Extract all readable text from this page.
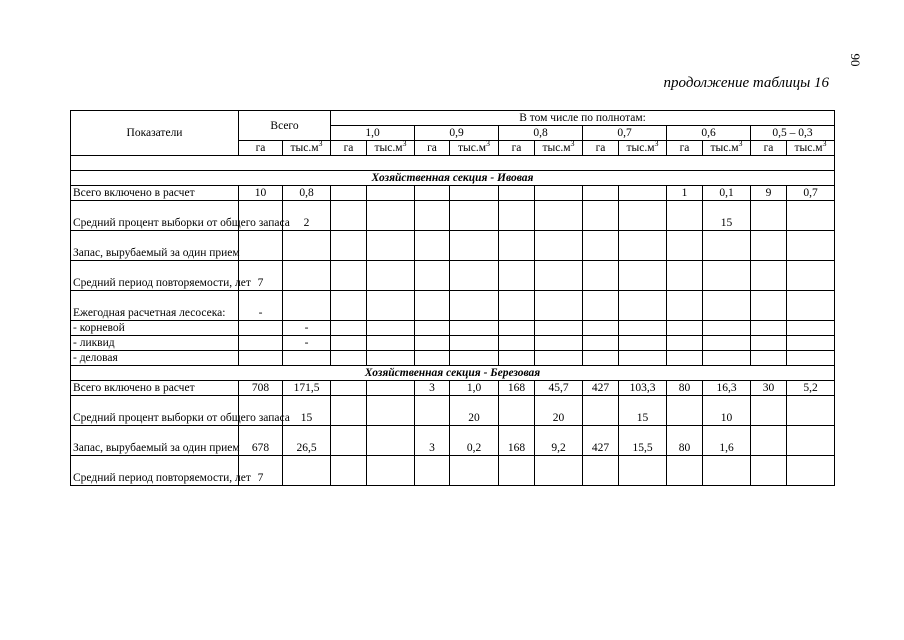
90
продолжение таблицы 16
Показатели	Всего		В том числе по полнотам:											
			1,0		0,9		0,8		0,7		0,6		0,5 – 0,3	
	га	$тыс.м^3$	га	$тыс.м^3$	га	$тыс.м^3$	га	$тыс.м^3$	га	$тыс.м^3$	га	$тыс.м^3$	га	$тыс.м^3$

Хозяйственная секция - Ивовая														
Всего включено в расчет	10	0,8									1	0,1	9	0,7
Средний процент выборки от общего запаса		2										15		
Запас, вырубаемый за один прием														
Средний период повторяемости, лет	7													
Ежегодная расчетная лесосека:	-													
- корневой		-												
- ликвид		-												
- деловая														
Хозяйственная секция - Березовая														
Всего включено в расчет	708	171,5			3	1,0	168	45,7	427	103,3	80	16,3	30	5,2
Средний процент выборки от общего запаса		15				20		20		15		10		
Запас, вырубаемый за один прием	678	26,5			3	0,2	168	9,2	427	15,5	80	1,6		
Средний период повторяемости, лет	7													
